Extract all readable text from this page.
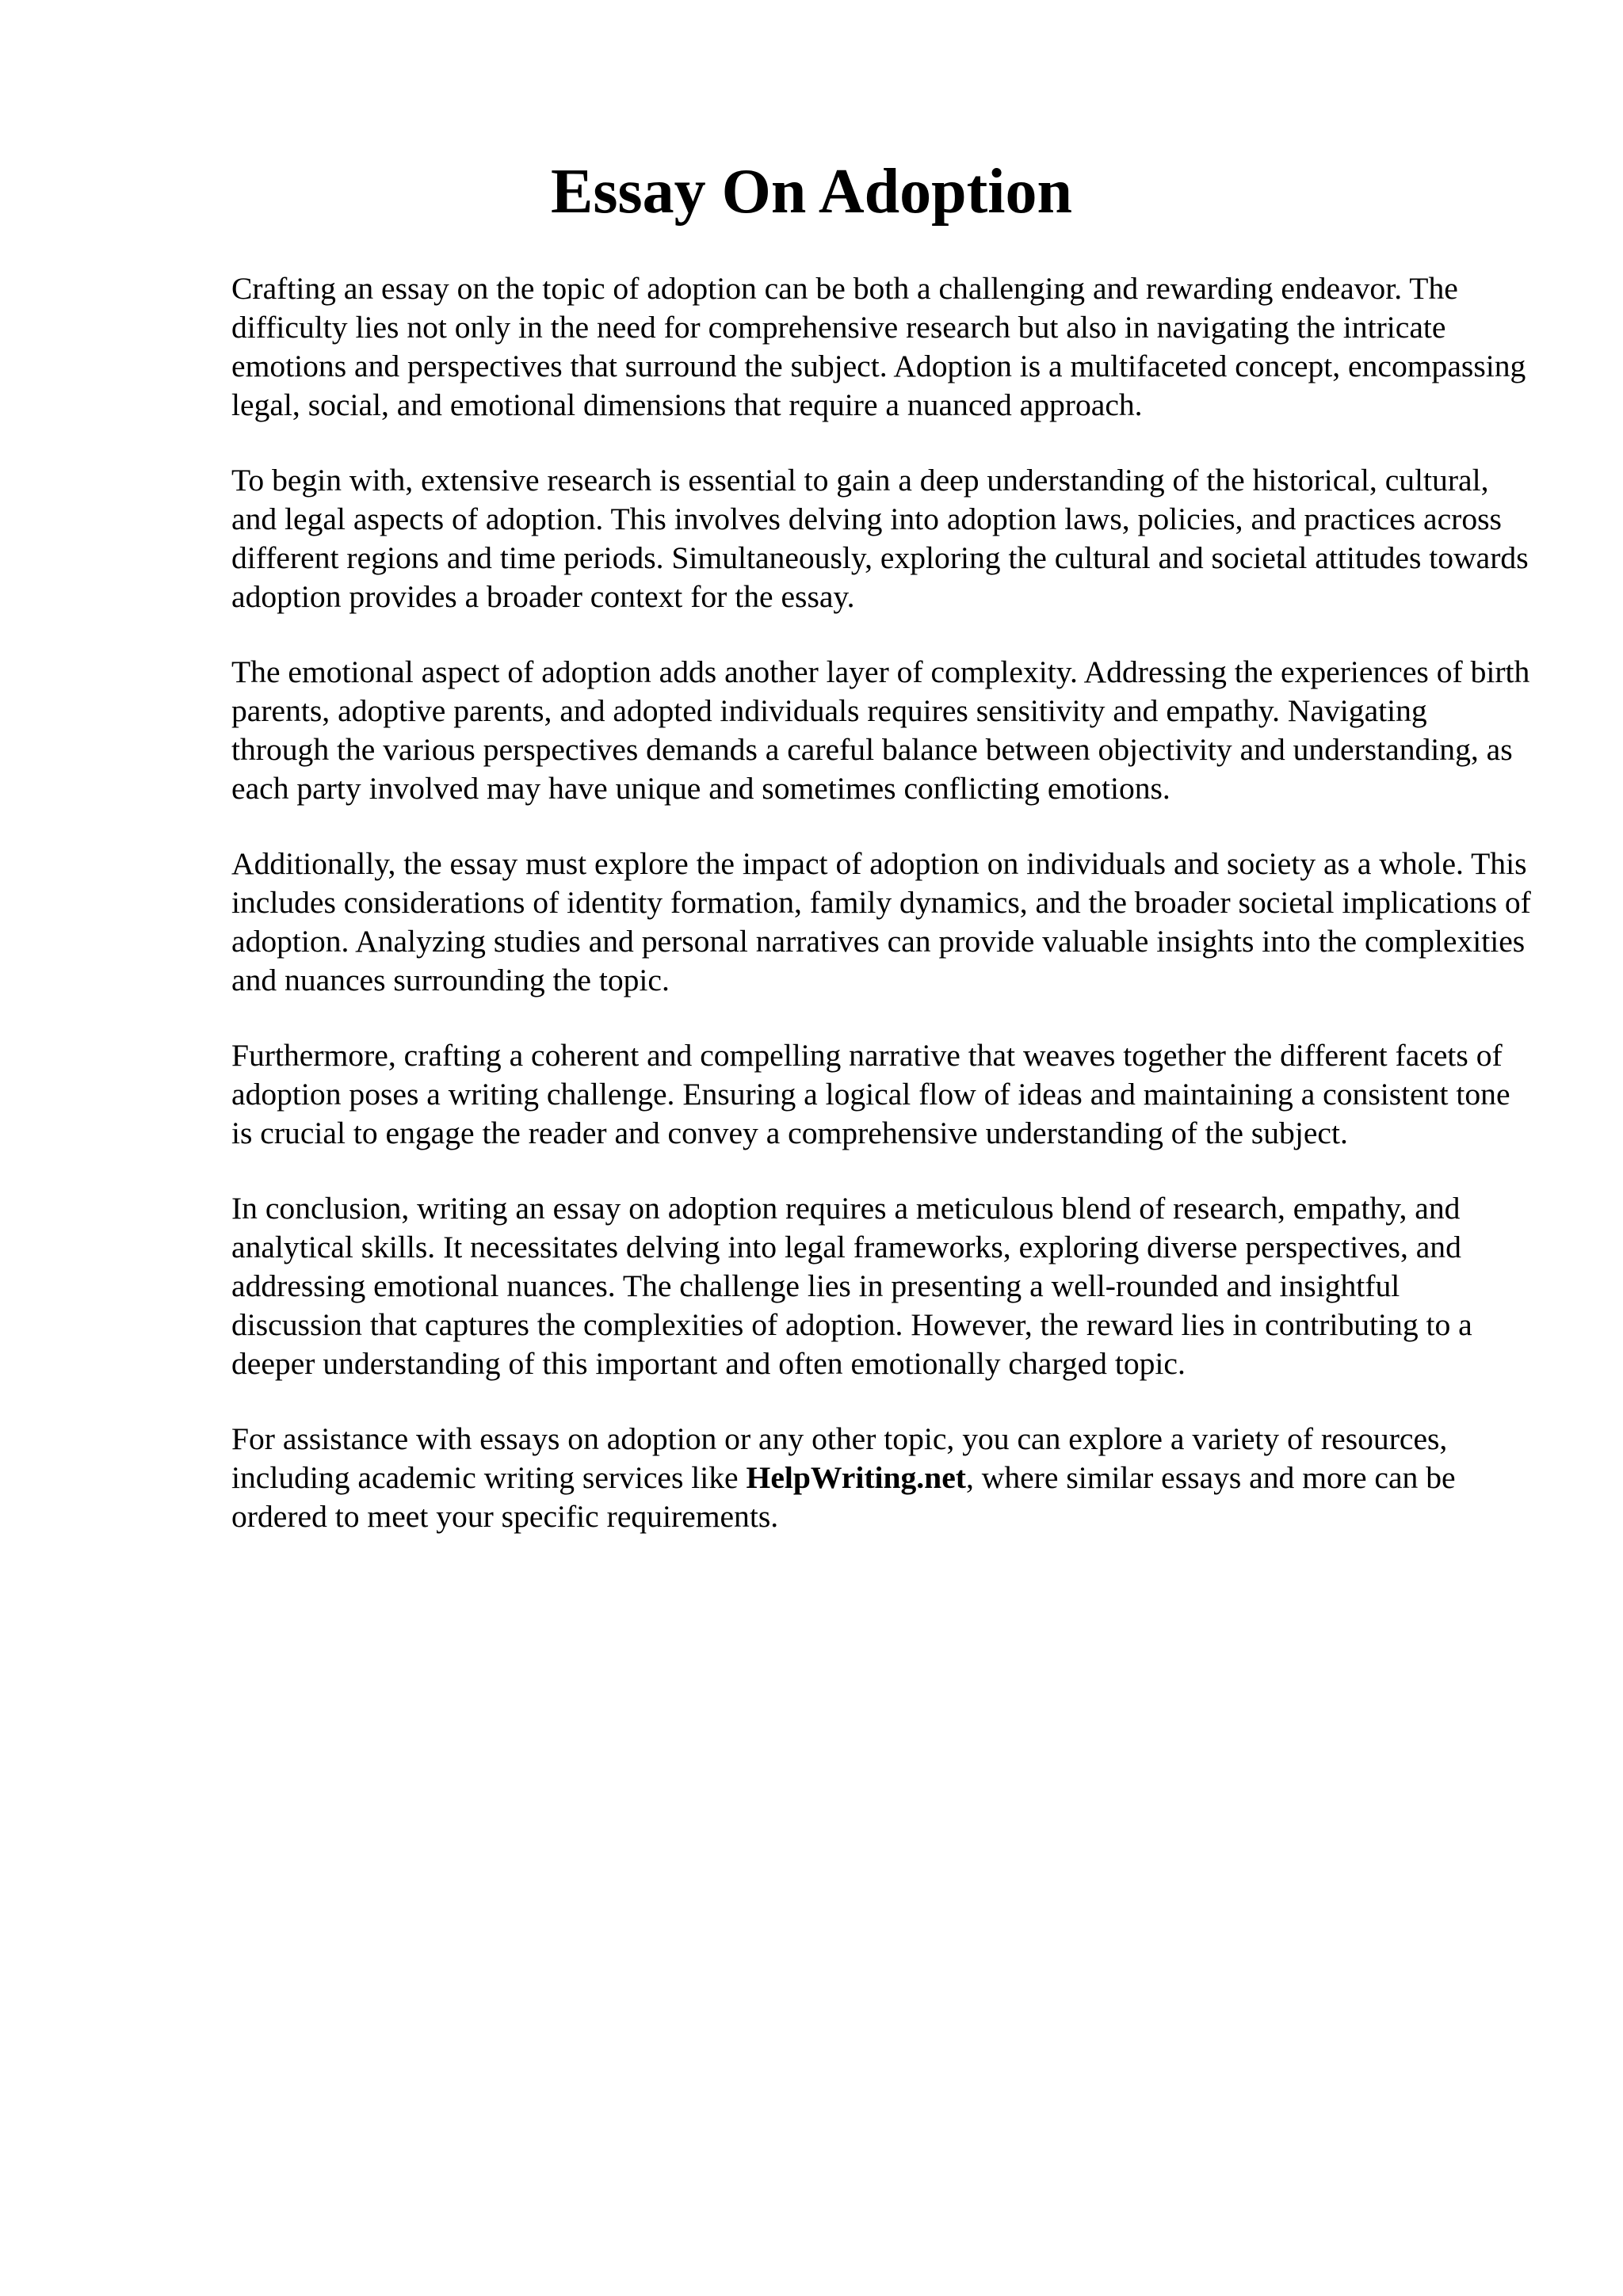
Essay On Adoption

Crafting an essay on the topic of adoption can be both a challenging and rewarding endeavor. The difficulty lies not only in the need for comprehensive research but also in navigating the intricate emotions and perspectives that surround the subject. Adoption is a multifaceted concept, encompassing legal, social, and emotional dimensions that require a nuanced approach.

To begin with, extensive research is essential to gain a deep understanding of the historical, cultural, and legal aspects of adoption. This involves delving into adoption laws, policies, and practices across different regions and time periods. Simultaneously, exploring the cultural and societal attitudes towards adoption provides a broader context for the essay.

The emotional aspect of adoption adds another layer of complexity. Addressing the experiences of birth parents, adoptive parents, and adopted individuals requires sensitivity and empathy. Navigating through the various perspectives demands a careful balance between objectivity and understanding, as each party involved may have unique and sometimes conflicting emotions.

Additionally, the essay must explore the impact of adoption on individuals and society as a whole. This includes considerations of identity formation, family dynamics, and the broader societal implications of adoption. Analyzing studies and personal narratives can provide valuable insights into the complexities and nuances surrounding the topic.

Furthermore, crafting a coherent and compelling narrative that weaves together the different facets of adoption poses a writing challenge. Ensuring a logical flow of ideas and maintaining a consistent tone is crucial to engage the reader and convey a comprehensive understanding of the subject.

In conclusion, writing an essay on adoption requires a meticulous blend of research, empathy, and analytical skills. It necessitates delving into legal frameworks, exploring diverse perspectives, and addressing emotional nuances. The challenge lies in presenting a well-rounded and insightful discussion that captures the complexities of adoption. However, the reward lies in contributing to a deeper understanding of this important and often emotionally charged topic.

For assistance with essays on adoption or any other topic, you can explore a variety of resources, including academic writing services like HelpWriting.net, where similar essays and more can be ordered to meet your specific requirements.
